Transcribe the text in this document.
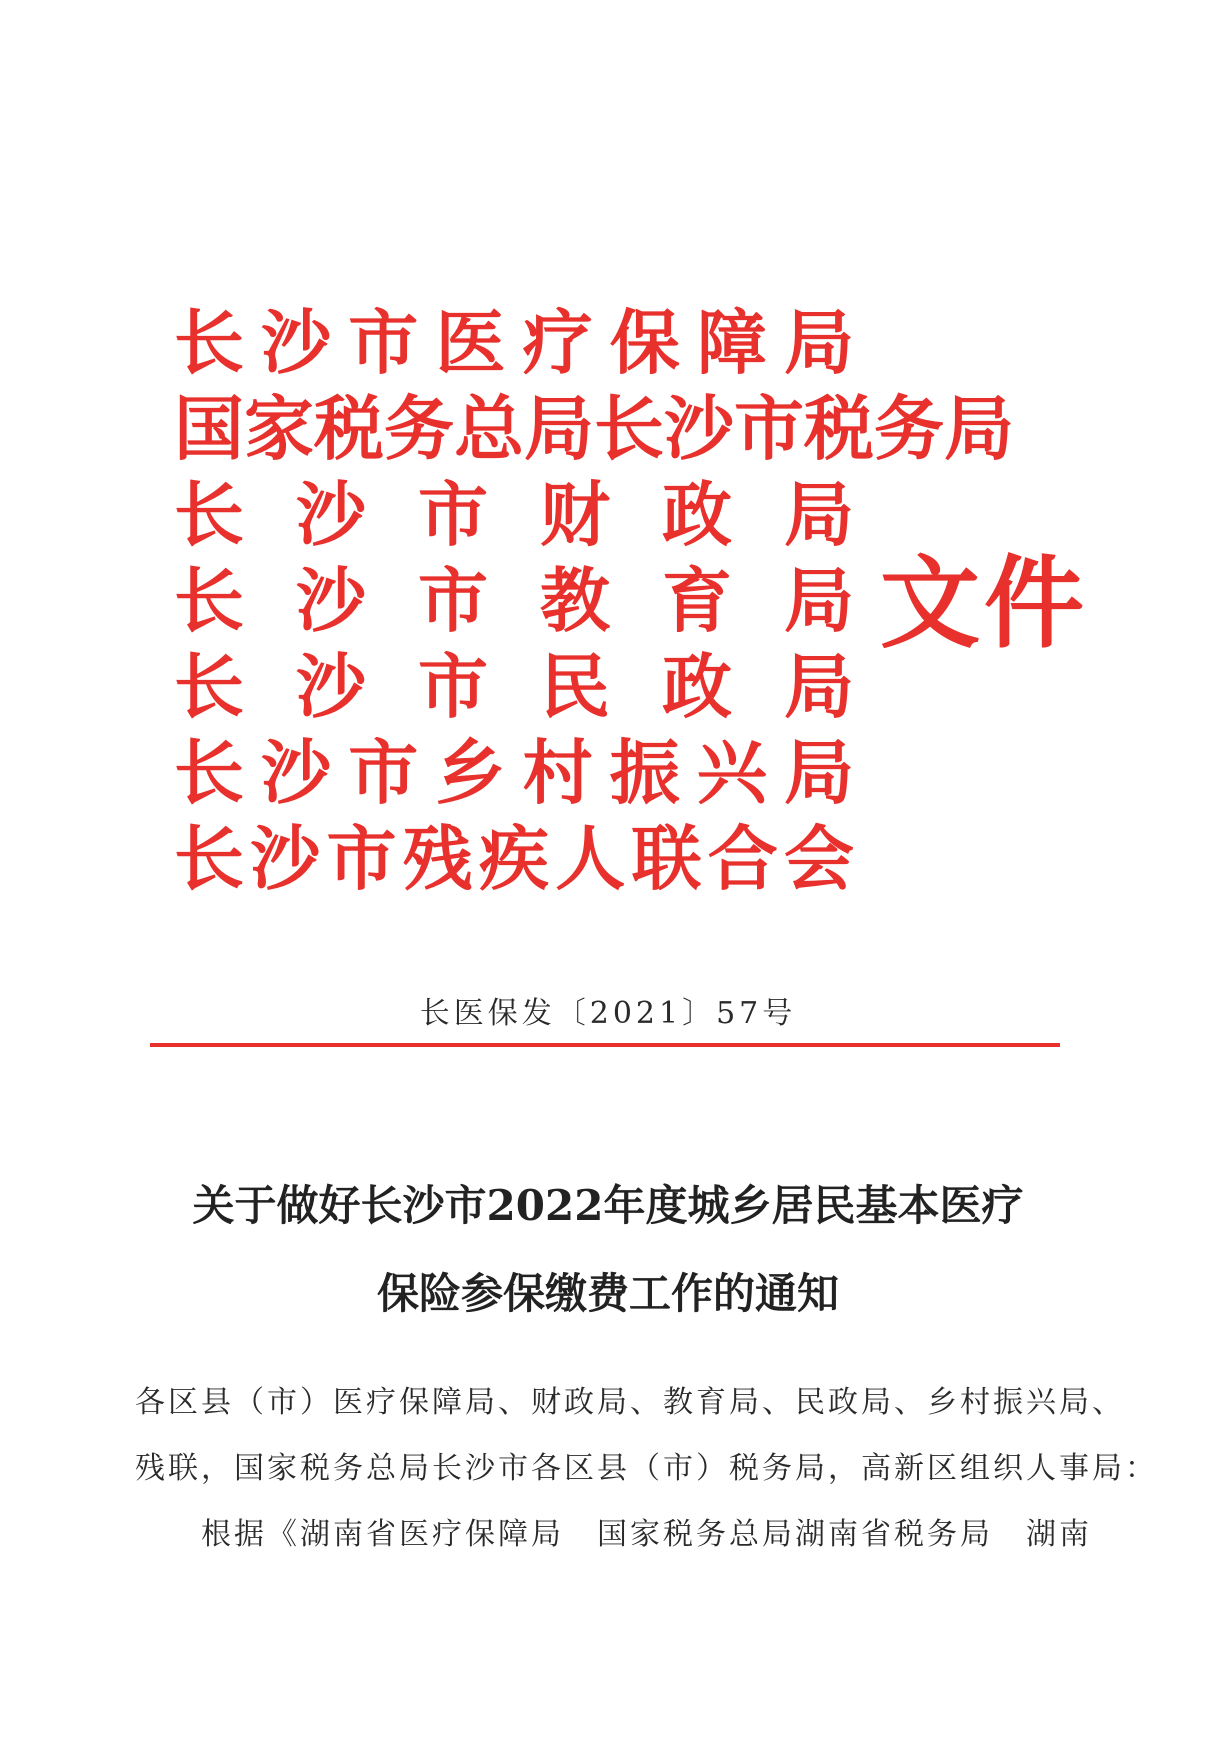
长 沙 市 医 疗 保 障 局
国 家 税 务 总 局 长 沙 市 税 务 局
长 沙 市 财 政 局
长 沙 市 教 育 局
长 沙 市 民 政 局
长 沙 市 乡 村 振 兴 局
长 沙 市 残 疾 人 联 合 会
文件
长医保发〔2021〕57号
关于做好长沙市2022年度城乡居民基本医疗
保险参保缴费工作的通知

各区县（市）医疗保障局、财政局、教育局、民政局、乡村振兴局、

残联，国家税务总局长沙市各区县（市）税务局，高新区组织人事局：

根据《湖南省医疗保障局　国家税务总局湖南省税务局　湖南
